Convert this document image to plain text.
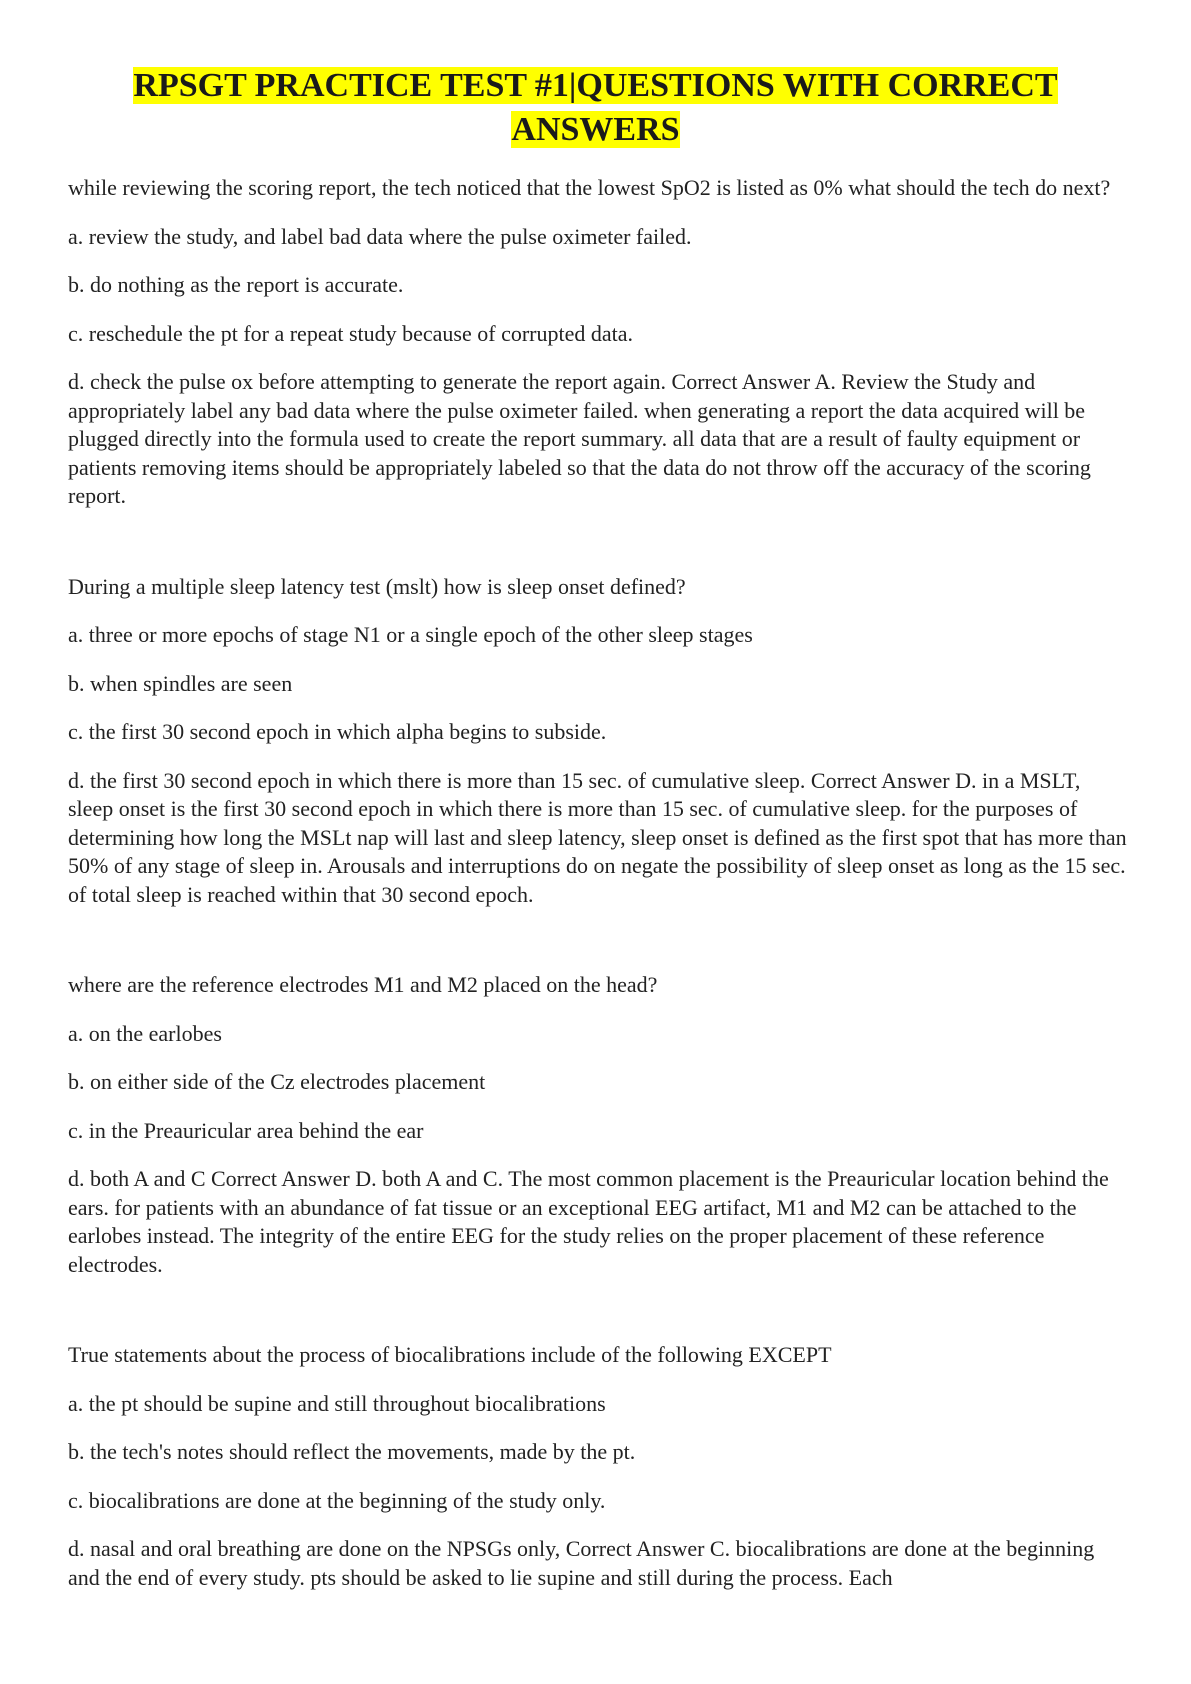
RPSGT PRACTICE TEST #1|QUESTIONS WITH CORRECT
ANSWERS

while reviewing the scoring report, the tech noticed that the lowest SpO2 is listed as 0% what should the tech do next?

a. review the study, and label bad data where the pulse oximeter failed.

b. do nothing as the report is accurate.

c. reschedule the pt for a repeat study because of corrupted data.

d. check the pulse ox before attempting to generate the report again. Correct Answer A. Review the Study and appropriately label any bad data where the pulse oximeter failed. when generating a report the data acquired will be plugged directly into the formula used to create the report summary. all data that are a result of faulty equipment or patients removing items should be appropriately labeled so that the data do not throw off the accuracy of the scoring report.

During a multiple sleep latency test (mslt) how is sleep onset defined?

a. three or more epochs of stage N1 or a single epoch of the other sleep stages

b. when spindles are seen

c. the first 30 second epoch in which alpha begins to subside.

d. the first 30 second epoch in which there is more than 15 sec. of cumulative sleep. Correct Answer D. in a MSLT, sleep onset is the first 30 second epoch in which there is more than 15 sec. of cumulative sleep. for the purposes of determining how long the MSLt nap will last and sleep latency, sleep onset is defined as the first spot that has more than 50% of any stage of sleep in. Arousals and interruptions do on negate the possibility of sleep onset as long as the 15 sec. of total sleep is reached within that 30 second epoch.

where are the reference electrodes M1 and M2 placed on the head?

a. on the earlobes

b. on either side of the Cz electrodes placement

c. in the Preauricular area behind the ear

d. both A and C Correct Answer D. both A and C. The most common placement is the Preauricular location behind the ears. for patients with an abundance of fat tissue or an exceptional EEG artifact, M1 and M2 can be attached to the earlobes instead. The integrity of the entire EEG for the study relies on the proper placement of these reference electrodes.

True statements about the process of biocalibrations include of the following EXCEPT

a. the pt should be supine and still throughout biocalibrations

b. the tech's notes should reflect the movements, made by the pt.

c. biocalibrations are done at the beginning of the study only.

d. nasal and oral breathing are done on the NPSGs only, Correct Answer C. biocalibrations are done at the beginning and the end of every study. pts should be asked to lie supine and still during the process. Each
